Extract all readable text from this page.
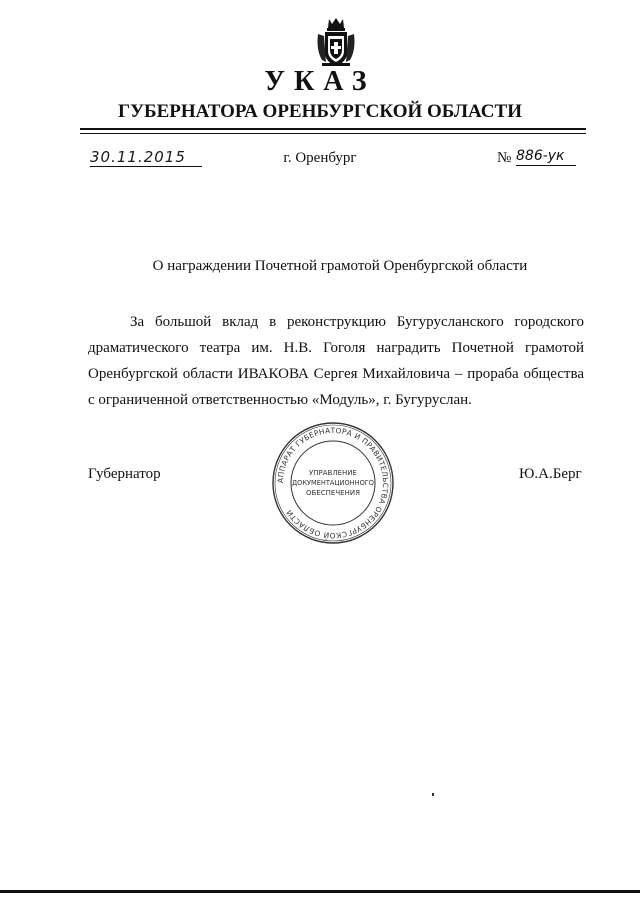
УКАЗ
ГУБЕРНАТОРА ОРЕНБУРГСКОЙ ОБЛАСТИ
30.11.2015	г. Оренбург	№ 886-ук
О награждении Почетной грамотой Оренбургской области
За большой вклад в реконструкцию Бугурусланского городского
драматического театра им. Н.В. Гоголя наградить Почетной грамотой
Оренбургской области ИВАКОВА Сергея Михайловича – прораба общества
с ограниченной ответственностью «Модуль», г. Бугуруслан.
АППАРАТ ГУБЕРНАТОРА И ПРАВИТЕЛЬСТВА ОРЕНБУРГСКОЙ ОБЛАСТИ
УПРАВЛЕНИЕ
ДОКУМЕНТАЦИОННОГО
ОБЕСПЕЧЕНИЯ
Губернатор	Ю.А.Берг
